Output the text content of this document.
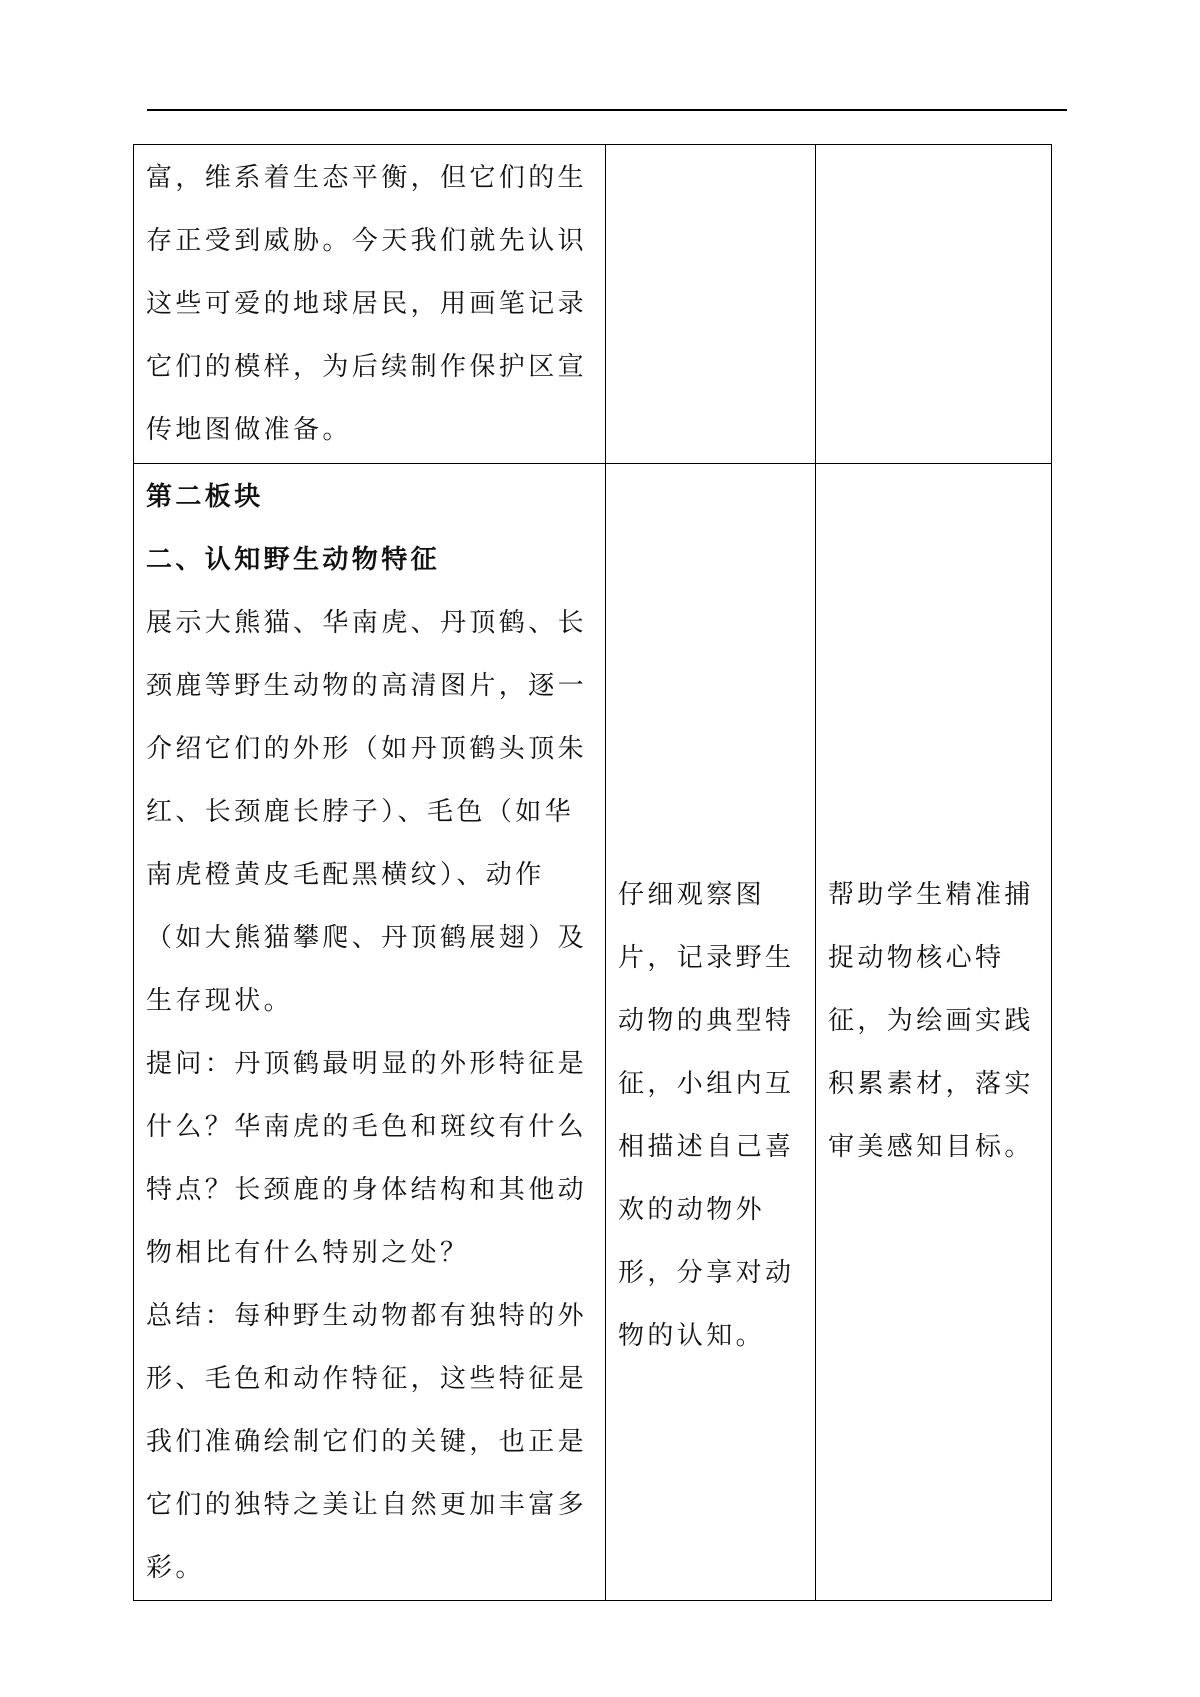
富，维系着生态平衡，但它们的生存正受到威胁。今天我们就先认识这些可爱的地球居民，用画笔记录它们的模样，为后续制作保护区宣传地图做准备。		

第二板块
二、认知野生动物特征
展示大熊猫、华南虎、丹顶鹤、长颈鹿等野生动物的高清图片，逐一介绍它们的外形（如丹顶鹤头顶朱红、长颈鹿长脖子）、毛色（如华南虎橙黄皮毛配黑横纹）、动作（如大熊猫攀爬、丹顶鹤展翅）及生存现状。
提问：丹顶鹤最明显的外形特征是什么？华南虎的毛色和斑纹有什么特点？长颈鹿的身体结构和其他动物相比有什么特别之处？
总结：每种野生动物都有独特的外形、毛色和动作特征，这些特征是我们准确绘制它们的关键，也正是它们的独特之美让自然更加丰富多彩。	仔细观察图片，记录野生动物的典型特征，小组内互相描述自己喜欢的动物外形，分享对动物的认知。	帮助学生精准捕捉动物核心特征，为绘画实践积累素材，落实审美感知目标。
